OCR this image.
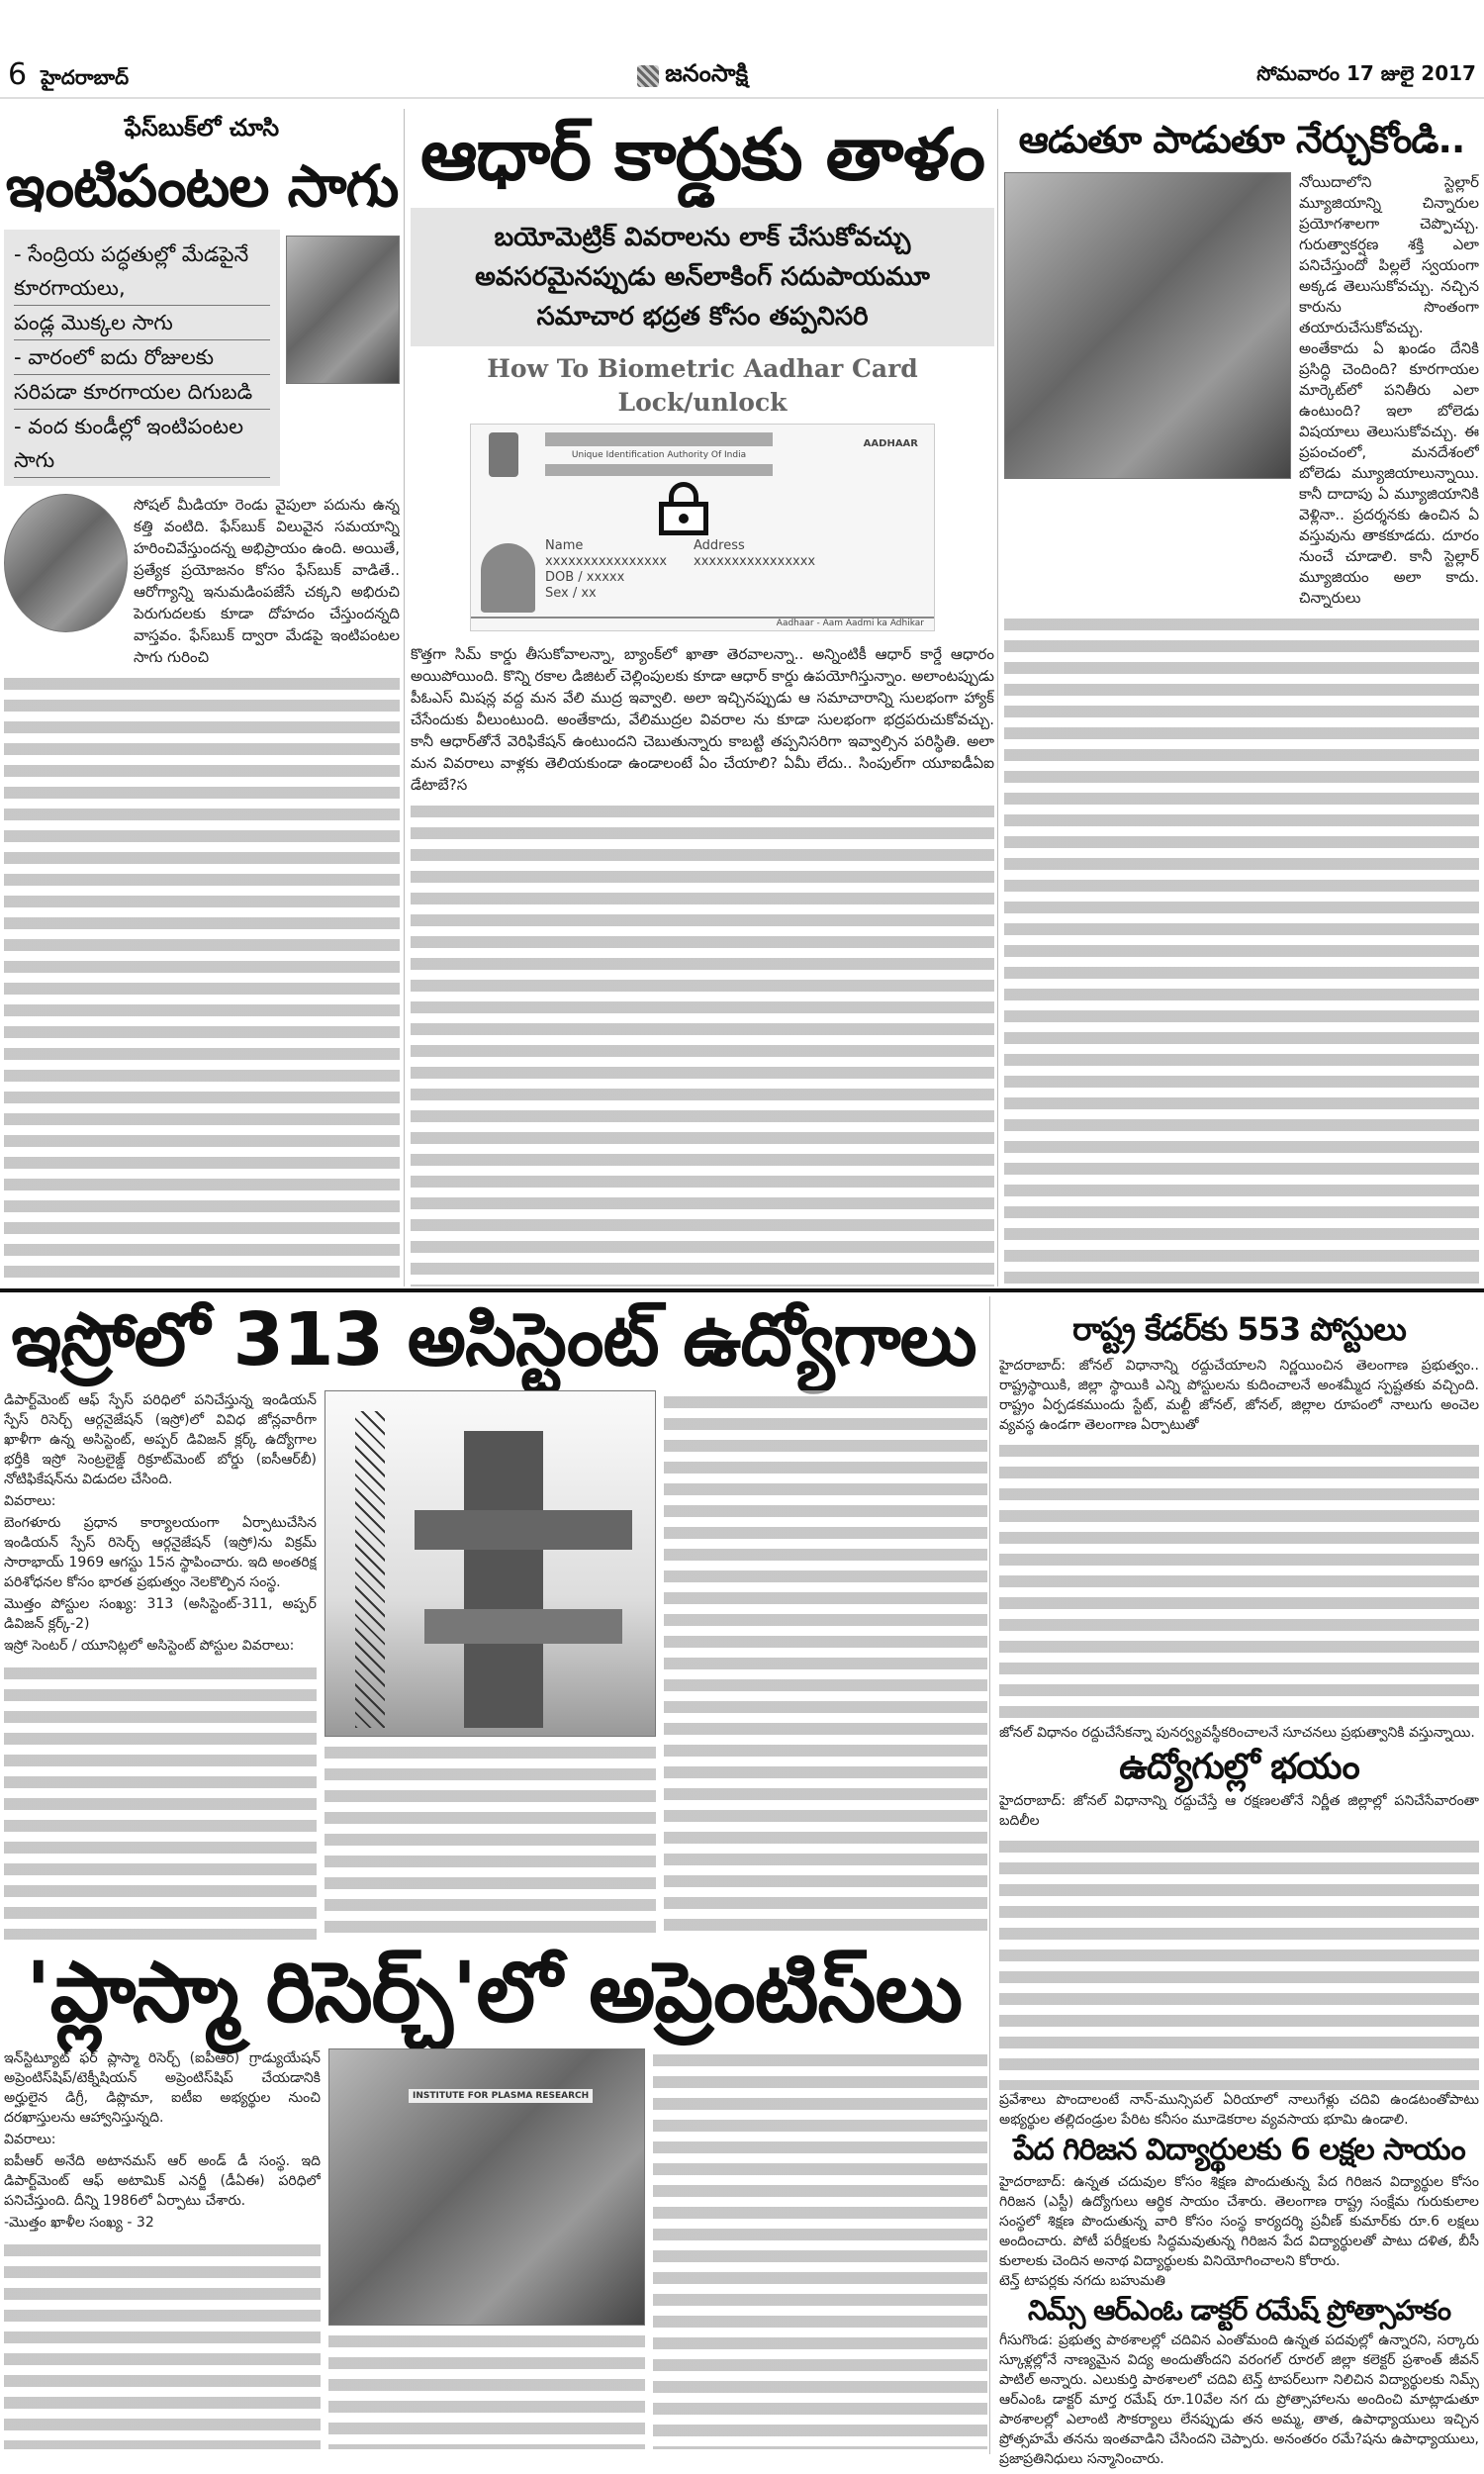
6 హైదరాబాద్	జనంసాక్షి	సోమవారం 17 జులై 2017
ఫేస్‌బుక్‌లో చూసి
ఇంటిపంటల సాగు
- సేంద్రియ పద్ధతుల్లో మేడపైనే కూరగాయలు,
పండ్ల మొక్కల సాగు
- వారంలో ఐదు రోజులకు
సరిపడా కూరగాయల దిగుబడి
- వంద కుండీల్లో ఇంటిపంటల సాగు
సోషల్ మీడియా రెండు వైపులా పదును ఉన్న కత్తి వంటిది. ఫేస్‌బుక్ విలువైన సమయాన్ని హరించివేస్తుందన్న అభిప్రాయం ఉంది. అయితే, ప్రత్యేక ప్రయోజనం కోసం ఫేస్‌బుక్ వాడితే.. ఆరోగ్యాన్ని ఇనుమడింపజేసే చక్కని అభిరుచి పెరుగుదలకు కూడా దోహదం చేస్తుందన్నది వాస్తవం. ఫేస్‌బుక్ ద్వారా మేడపై ఇంటిపంటల సాగు గురించి
ఆధార్ కార్డుకు తాళం
బయోమెట్రిక్ వివరాలను లాక్ చేసుకోవచ్చు
అవసరమైనప్పుడు అన్‌లాకింగ్ సదుపాయమూ
సమాచార భద్రత కోసం తప్పనిసరి
How To Biometric Aadhar Card
Lock/unlock
Unique Identification Authority Of India
AADHAAR
Name
xxxxxxxxxxxxxxxx
DOB / xxxxx
Sex / xx
Address
xxxxxxxxxxxxxxxx
Aadhaar - Aam Aadmi ka Adhikar
కొత్తగా సిమ్ కార్డు తీసుకోవాలన్నా, బ్యాంక్‌లో ఖాతా తెరవాలన్నా.. అన్నింటికీ ఆధార్ కార్డే ఆధారం అయిపోయింది. కొన్ని రకాల డిజిటల్ చెల్లింపులకు కూడా ఆధార్ కార్డు ఉపయోగిస్తున్నాం. అలాంటప్పుడు పీఓఎస్ మిషన్ల వద్ద మన వేలి ముద్ర ఇవ్వాలి. అలా ఇచ్చినప్పుడు ఆ సమాచారాన్ని సులభంగా హ్యాక్ చేసేందుకు వీలుంటుంది. అంతేకాదు, వేలిముద్రల వివరాల ను కూడా సులభంగా భద్రపరుచుకోవచ్చు. కానీ ఆధార్‌తోనే వెరిఫికేషన్ ఉంటుందని చెబుతున్నారు కాబట్టి తప్పనిసరిగా ఇవ్వాల్సిన పరిస్థితి. అలా మన వివరాలు వాళ్లకు తెలియకుండా ఉండాలంటే ఏం చేయాలి? ఏమీ లేదు.. సింపుల్‌గా యూఐడీఏఐ డేటాబే?స
ఆడుతూ పాడుతూ నేర్చుకోండి..
నోయిదాలోని స్టెల్లార్ మ్యూజియాన్ని చిన్నారుల ప్రయోగశాలగా చెప్పొచ్చు. గురుత్వాకర్షణ శక్తి ఎలా పనిచేస్తుందో పిల్లలే స్వయంగా అక్కడ తెలుసుకోవచ్చు. నచ్చిన కారును సొంతంగా తయారుచేసుకోవచ్చు. అంతేకాదు ఏ ఖండం దేనికి ప్రసిద్ధి చెందింది? కూరగాయల మార్కెట్‌లో పనితీరు ఎలా ఉంటుంది? ఇలా బోలెడు విషయాలు తెలుసుకోవచ్చు. ఈ ప్రపంచంలో, మనదేశంలో బోలెడు మ్యూజియాలున్నాయి. కానీ దాదాపు ఏ మ్యూజియానికి వెళ్లినా.. ప్రదర్శనకు ఉంచిన ఏ వస్తువును తాకకూడదు. దూరం నుంచే చూడాలి. కానీ స్టెల్లార్ మ్యూజియం అలా కాదు. చిన్నారులు
ఇస్రోలో 313 అసిస్టెంట్ ఉద్యోగాలు

డిపార్ట్‌మెంట్ ఆఫ్ స్పేస్ పరిధిలో పనిచేస్తున్న ఇండియన్ స్పేస్ రిసెర్చ్ ఆర్గనైజేషన్ (ఇస్రో)లో వివిధ జోన్లవారీగా ఖాళీగా ఉన్న అసిస్టెంట్, అప్పర్ డివిజన్ క్లర్క్ ఉద్యోగాల భర్తీకి ఇస్రో సెంట్రలైజ్డ్ రిక్రూట్‌మెంట్ బోర్డు (ఐసీఆర్‌బీ) నోటిఫికేషన్‌ను విడుదల చేసింది.

వివరాలు:

బెంగళూరు ప్రధాన కార్యాలయంగా ఏర్పాటుచేసిన ఇండియన్ స్పేస్ రిసెర్చ్ ఆర్గనైజేషన్ (ఇస్రో)ను విక్రమ్ సారాభాయ్ 1969 ఆగస్టు 15న స్థాపించారు. ఇది అంతరిక్ష పరిశోధనల కోసం భారత ప్రభుత్వం నెలకొల్పిన సంస్థ.

మొత్తం పోస్టుల సంఖ్య: 313 (అసిస్టెంట్-311, అప్పర్ డివిజన్ క్లర్క్-2)

ఇస్రో సెంటర్ / యూనిట్లలో అసిస్టెంట్ పోస్టుల వివరాలు:

'ప్లాస్మా రిసెర్చ్'లో అప్రెంటిస్‌లు

ఇన్‌స్టిట్యూట్ ఫర్ ప్లాస్మా రిసెర్చ్ (ఐపీఆర్) గ్రాడ్యుయేషన్ అప్రెంటిస్‌షిప్/టెక్నీషియన్ అప్రెంటిస్‌షిప్ చేయడానికి అర్హులైన డిగ్రీ, డిప్లొమా, ఐటీఐ అభ్యర్థుల నుంచి దరఖాస్తులను ఆహ్వానిస్తున్నది.

వివరాలు:

ఐపీఆర్ అనేది అటానమస్ ఆర్ అండ్ డీ సంస్థ. ఇది డిపార్ట్‌మెంట్ ఆఫ్ అటామిక్ ఎనర్జీ (డీఏఈ) పరిధిలో పనిచేస్తుంది. దీన్ని 1986లో ఏర్పాటు చేశారు.

-మొత్తం ఖాళీల సంఖ్య - 32

INSTITUTE FOR PLASMA RESEARCH
రాష్ట్ర కేడర్‌కు 553 పోస్టులు
హైదరాబాద్: జోనల్ విధానాన్ని రద్దుచేయాలని నిర్ణయించిన తెలంగాణ ప్రభుత్వం.. రాష్ట్రస్థాయికి, జిల్లా స్థాయికి ఎన్ని పోస్టులను కుదించాలనే అంశమ్మీద స్పష్టతకు వచ్చింది. రాష్ట్రం ఏర్పడకముందు స్టేట్, మల్టీ జోనల్, జోనల్, జిల్లాల రూపంలో నాలుగు అంచెల వ్యవస్థ ఉండగా తెలంగాణ ఏర్పాటుతో
జోనల్ విధానం రద్దుచేసేకన్నా పునర్వ్యవస్థీకరించాలనే సూచనలు ప్రభుత్వానికి వస్తున్నాయి.
ఉద్యోగుల్లో భయం
హైదరాబాద్: జోనల్ విధానాన్ని రద్దుచేస్తే ఆ రక్షణలతోనే నిర్ణీత జిల్లాల్లో పనిచేసేవారంతా బదిలీల
ప్రవేశాలు పొందాలంటే నాన్-మున్సిపల్ ఏరియాలో నాలుగేళ్లు చదివి ఉండటంతోపాటు అభ్యర్థుల తల్లిదండ్రుల పేరిట కనీసం మూడెకరాల వ్యవసాయ భూమి ఉండాలి.
పేద గిరిజన విద్యార్థులకు 6 లక్షల సాయం
హైదరాబాద్: ఉన్నత చదువుల కోసం శిక్షణ పొందుతున్న పేద గిరిజన విద్యార్థుల కోసం గిరిజన (ఎస్టీ) ఉద్యోగులు ఆర్థిక సాయం చేశారు. తెలంగాణ రాష్ట్ర సంక్షేమ గురుకులాల సంస్థలో శిక్షణ పొందుతున్న వారి కోసం సంస్థ కార్యదర్శి ప్రవీణ్ కుమార్‌కు రూ.6 లక్షలు అందించారు. పోటీ పరీక్షలకు సిద్ధమవుతున్న గిరిజన పేద విద్యార్థులతో పాటు దళిత, బీసీ కులాలకు చెందిన అనాథ విద్యార్థులకు వినియోగించాలని కోరారు.
టెన్త్ టాపర్లకు నగదు బహుమతి
నిమ్స్ ఆర్‌ఎంఓ డాక్టర్ రమేష్ ప్రోత్సాహకం
గీసుగొండ: ప్రభుత్వ పాఠశాలల్లో చదివిన ఎంతోమంది ఉన్నత పదవుల్లో ఉన్నారని, సర్కారు స్కూళ్లల్లోనే నాణ్యమైన విద్య అందుతోందని వరంగల్ రూరల్ జిల్లా కలెక్టర్ ప్రశాంత్ జీవన్ పాటిల్ అన్నారు. ఎలుకుర్తి పాఠశాలలో చదివి టెన్త్ టాపర్‌లుగా నిలిచిన విద్యార్థులకు నిమ్స్ ఆర్‌ఎంఓ డాక్టర్ మార్త రమేష్ రూ.10వేల నగ దు ప్రోత్సాహాలను అందించి మాట్లాడుతూ పాఠశాలల్లో ఎలాంటి సౌకర్యాలు లేనప్పుడు తన అమ్మ, తాత, ఉపాధ్యాయులు ఇచ్చిన ప్రోత్సహమే తనను ఇంతవాడిని చేసిందని చెప్పారు. అనంతరం రమే?షను ఉపాధ్యాయులు, ప్రజాప్రతినిధులు సన్మానించారు.
